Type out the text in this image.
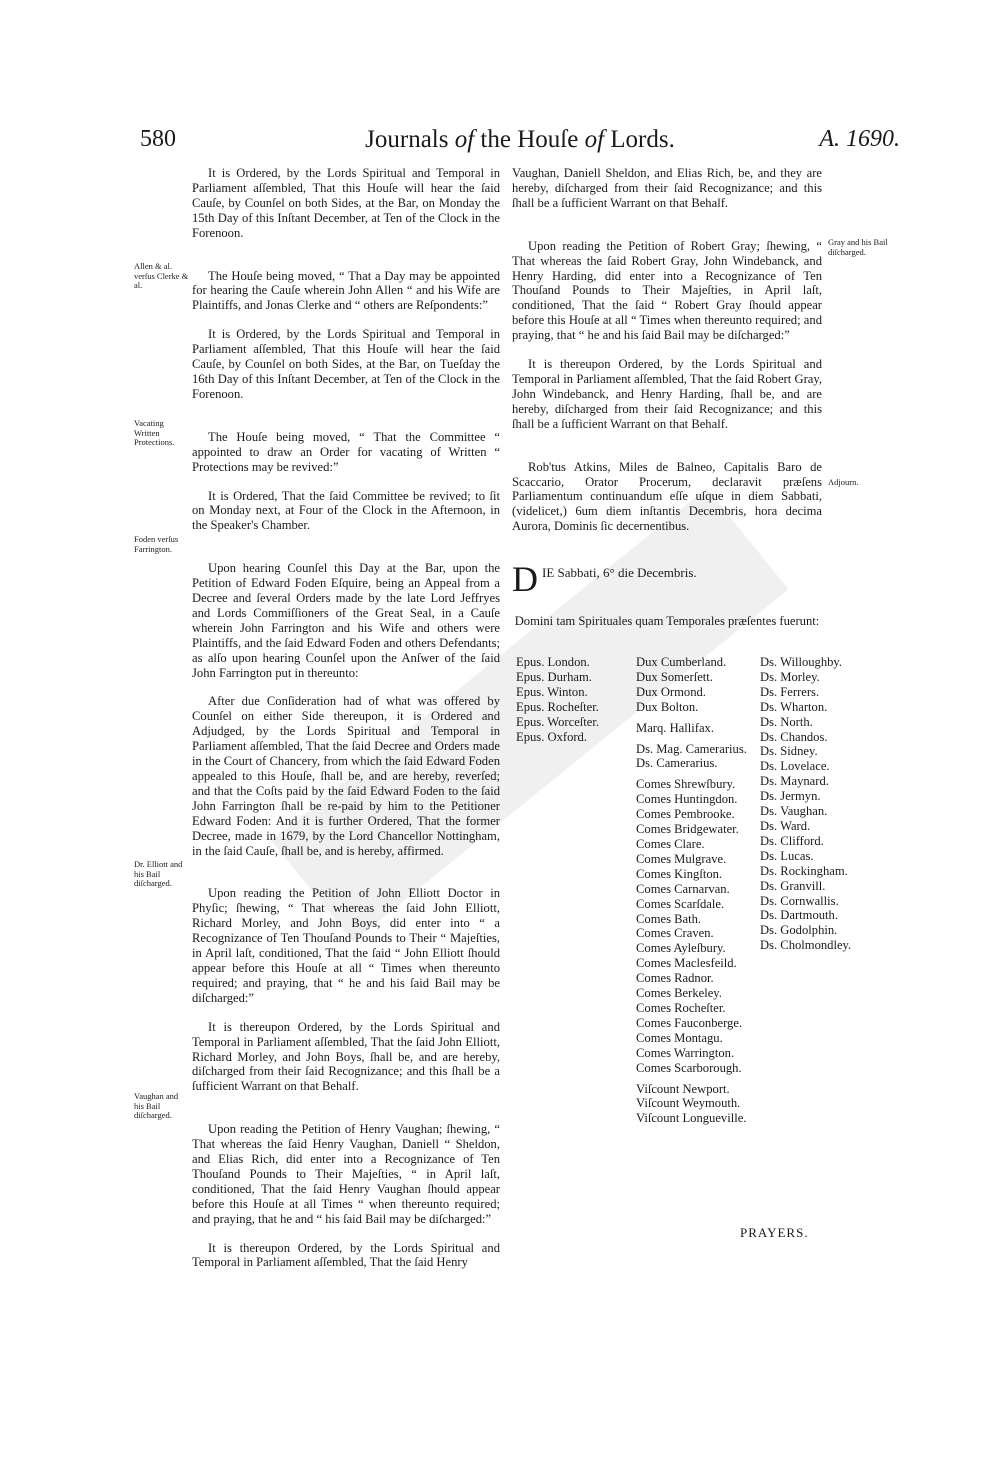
580	Journals of the Houſe of Lords.	A. 1690.
Allen & al. verſus Clerke & al.
Vacating Written Protections.
Foden verſus Farrington.
Dr. Elliott and his Bail diſcharged.
Vaughan and his Bail diſcharged.
Gray and his Bail diſcharged.
Adjourn.

It is Ordered, by the Lords Spiritual and Temporal in Parliament aſſembled, That this Houſe will hear the ſaid Cauſe, by Counſel on both Sides, at the Bar, on Monday the 15th Day of this Inſtant December, at Ten of the Clock in the Forenoon.

The Houſe being moved, “ That a Day may be appointed for hearing the Cauſe wherein John Allen “ and his Wife are Plaintiffs, and Jonas Clerke and “ others are Reſpondents:”

It is Ordered, by the Lords Spiritual and Temporal in Parliament aſſembled, That this Houſe will hear the ſaid Cauſe, by Counſel on both Sides, at the Bar, on Tueſday the 16th Day of this Inſtant December, at Ten of the Clock in the Forenoon.

The Houſe being moved, “ That the Committee “ appointed to draw an Order for vacating of Written “ Protections may be revived:”

It is Ordered, That the ſaid Committee be revived; to ſit on Monday next, at Four of the Clock in the Afternoon, in the Speaker's Chamber.

Upon hearing Counſel this Day at the Bar, upon the Petition of Edward Foden Eſquire, being an Appeal from a Decree and ſeveral Orders made by the late Lord Jeffryes and Lords Commiſſioners of the Great Seal, in a Cauſe wherein John Farrington and his Wife and others were Plaintiffs, and the ſaid Edward Foden and others Defendants; as alſo upon hearing Counſel upon the Anſwer of the ſaid John Farrington put in thereunto:

After due Conſideration had of what was offered by Counſel on either Side thereupon, it is Ordered and Adjudged, by the Lords Spiritual and Temporal in Parliament aſſembled, That the ſaid Decree and Orders made in the Court of Chancery, from which the ſaid Edward Foden appealed to this Houſe, ſhall be, and are hereby, reverſed; and that the Coſts paid by the ſaid Edward Foden to the ſaid John Farrington ſhall be re-paid by him to the Petitioner Edward Foden: And it is further Ordered, That the former Decree, made in 1679, by the Lord Chancellor Nottingham, in the ſaid Cauſe, ſhall be, and is hereby, affirmed.

Upon reading the Petition of John Elliott Doctor in Phyſic; ſhewing, “ That whereas the ſaid John Elliott, Richard Morley, and John Boys, did enter into “ a Recognizance of Ten Thouſand Pounds to Their “ Majeſties, in April laſt, conditioned, That the ſaid “ John Elliott ſhould appear before this Houſe at all “ Times when thereunto required; and praying, that “ he and his ſaid Bail may be diſcharged:”

It is thereupon Ordered, by the Lords Spiritual and Temporal in Parliament aſſembled, That the ſaid John Elliott, Richard Morley, and John Boys, ſhall be, and are hereby, diſcharged from their ſaid Recognizance; and this ſhall be a ſufficient Warrant on that Behalf.

Upon reading the Petition of Henry Vaughan; ſhewing, “ That whereas the ſaid Henry Vaughan, Daniell “ Sheldon, and Elias Rich, did enter into a Recognizance of Ten Thouſand Pounds to Their Majeſties, “ in April laſt, conditioned, That the ſaid Henry Vaughan ſhould appear before this Houſe at all Times “ when thereunto required; and praying, that he and “ his ſaid Bail may be diſcharged:”

It is thereupon Ordered, by the Lords Spiritual and Temporal in Parliament aſſembled, That the ſaid Henry

Vaughan, Daniell Sheldon, and Elias Rich, be, and they are hereby, diſcharged from their ſaid Recognizance; and this ſhall be a ſufficient Warrant on that Behalf.

Upon reading the Petition of Robert Gray; ſhewing, “ That whereas the ſaid Robert Gray, John Windebanck, and Henry Harding, did enter into a Recognizance of Ten Thouſand Pounds to Their Majeſties, in April laſt, conditioned, That the ſaid “ Robert Gray ſhould appear before this Houſe at all “ Times when thereunto required; and praying, that “ he and his ſaid Bail may be diſcharged:”

It is thereupon Ordered, by the Lords Spiritual and Temporal in Parliament aſſembled, That the ſaid Robert Gray, John Windebanck, and Henry Harding, ſhall be, and are hereby, diſcharged from their ſaid Recognizance; and this ſhall be a ſufficient Warrant on that Behalf.

Rob'tus Atkins, Miles de Balneo, Capitalis Baro de Scaccario, Orator Procerum, declaravit præſens Parliamentum continuandum eſſe uſque in diem Sabbati, (videlicet,) 6um diem inſtantis Decembris, hora decima Aurora, Dominis ſic decernentibus.

D IE Sabbati, 6° die Decembris.
Domini tam Spirituales quam Temporales præſentes fuerunt:
Epus. London.
Epus. Durham.
Epus. Winton.
Epus. Rocheſter.
Epus. Worceſter.
Epus. Oxford.
Dux Cumberland.
Dux Somerſett.
Dux Ormond.
Dux Bolton.
Marq. Hallifax.
Ds. Mag. Camerarius.
Ds. Camerarius.
Comes Shrewſbury.
Comes Huntingdon.
Comes Pembrooke.
Comes Bridgewater.
Comes Clare.
Comes Mulgrave.
Comes Kingſton.
Comes Carnarvan.
Comes Scarſdale.
Comes Bath.
Comes Craven.
Comes Ayleſbury.
Comes Maclesfeild.
Comes Radnor.
Comes Berkeley.
Comes Rocheſter.
Comes Fauconberge.
Comes Montagu.
Comes Warrington.
Comes Scarborough.
Viſcount Newport.
Viſcount Weymouth.
Viſcount Longueville.
Ds. Willoughby.
Ds. Morley.
Ds. Ferrers.
Ds. Wharton.
Ds. North.
Ds. Chandos.
Ds. Sidney.
Ds. Lovelace.
Ds. Maynard.
Ds. Jermyn.
Ds. Vaughan.
Ds. Ward.
Ds. Clifford.
Ds. Lucas.
Ds. Rockingham.
Ds. Granvill.
Ds. Cornwallis.
Ds. Dartmouth.
Ds. Godolphin.
Ds. Cholmondley.
PRAYERS.
